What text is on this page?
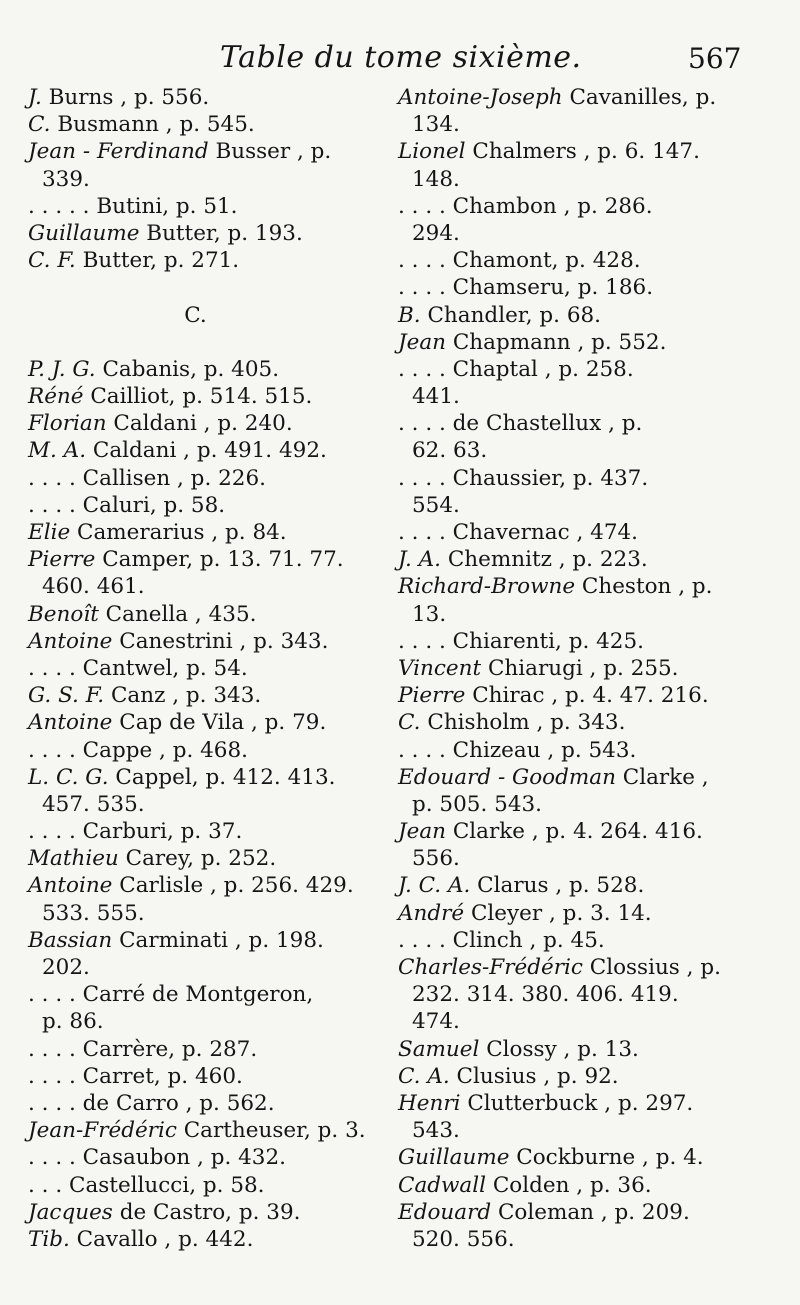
Table du tome sixième.	567
J. Burns , p. 556.
C. Busmann , p. 545.
Jean - Ferdinand Busser , p.
339.
. . . . . Butini, p. 51.
Guillaume Butter, p. 193.
C. F. Butter, p. 271.
C.
P. J. G. Cabanis, p. 405.
Réné Cailliot, p. 514. 515.
Florian Caldani , p. 240.
M. A. Caldani , p. 491. 492.
. . . . Callisen , p. 226.
. . . . Caluri, p. 58.
Elie Camerarius , p. 84.
Pierre Camper, p. 13. 71. 77.
460. 461.
Benoît Canella , 435.
Antoine Canestrini , p. 343.
. . . . Cantwel, p. 54.
G. S. F. Canz , p. 343.
Antoine Cap de Vila , p. 79.
. . . . Cappe , p. 468.
L. C. G. Cappel, p. 412. 413.
457. 535.
. . . . Carburi, p. 37.
Mathieu Carey, p. 252.
Antoine Carlisle , p. 256. 429.
533. 555.
Bassian Carminati , p. 198.
202.
. . . . Carré de Montgeron,
p. 86.
. . . . Carrère, p. 287.
. . . . Carret, p. 460.
. . . . de Carro , p. 562.
Jean-Frédéric Cartheuser, p. 3.
. . . . Casaubon , p. 432.
. . . Castellucci, p. 58.
Jacques de Castro, p. 39.
Tib. Cavallo , p. 442.
Antoine-Joseph Cavanilles, p.
134.
Lionel Chalmers , p. 6. 147.
148.
. . . . Chambon , p. 286.
294.
. . . . Chamont, p. 428.
. . . . Chamseru, p. 186.
B. Chandler, p. 68.
Jean Chapmann , p. 552.
. . . . Chaptal , p. 258.
441.
. . . . de Chastellux , p.
62. 63.
. . . . Chaussier, p. 437.
554.
. . . . Chavernac , 474.
J. A. Chemnitz , p. 223.
Richard-Browne Cheston , p.
13.
. . . . Chiarenti, p. 425.
Vincent Chiarugi , p. 255.
Pierre Chirac , p. 4. 47. 216.
C. Chisholm , p. 343.
. . . . Chizeau , p. 543.
Edouard - Goodman Clarke ,
p. 505. 543.
Jean Clarke , p. 4. 264. 416.
556.
J. C. A. Clarus , p. 528.
André Cleyer , p. 3. 14.
. . . . Clinch , p. 45.
Charles-Frédéric Clossius , p.
232. 314. 380. 406. 419.
474.
Samuel Clossy , p. 13.
C. A. Clusius , p. 92.
Henri Clutterbuck , p. 297.
543.
Guillaume Cockburne , p. 4.
Cadwall Colden , p. 36.
Edouard Coleman , p. 209.
520. 556.
